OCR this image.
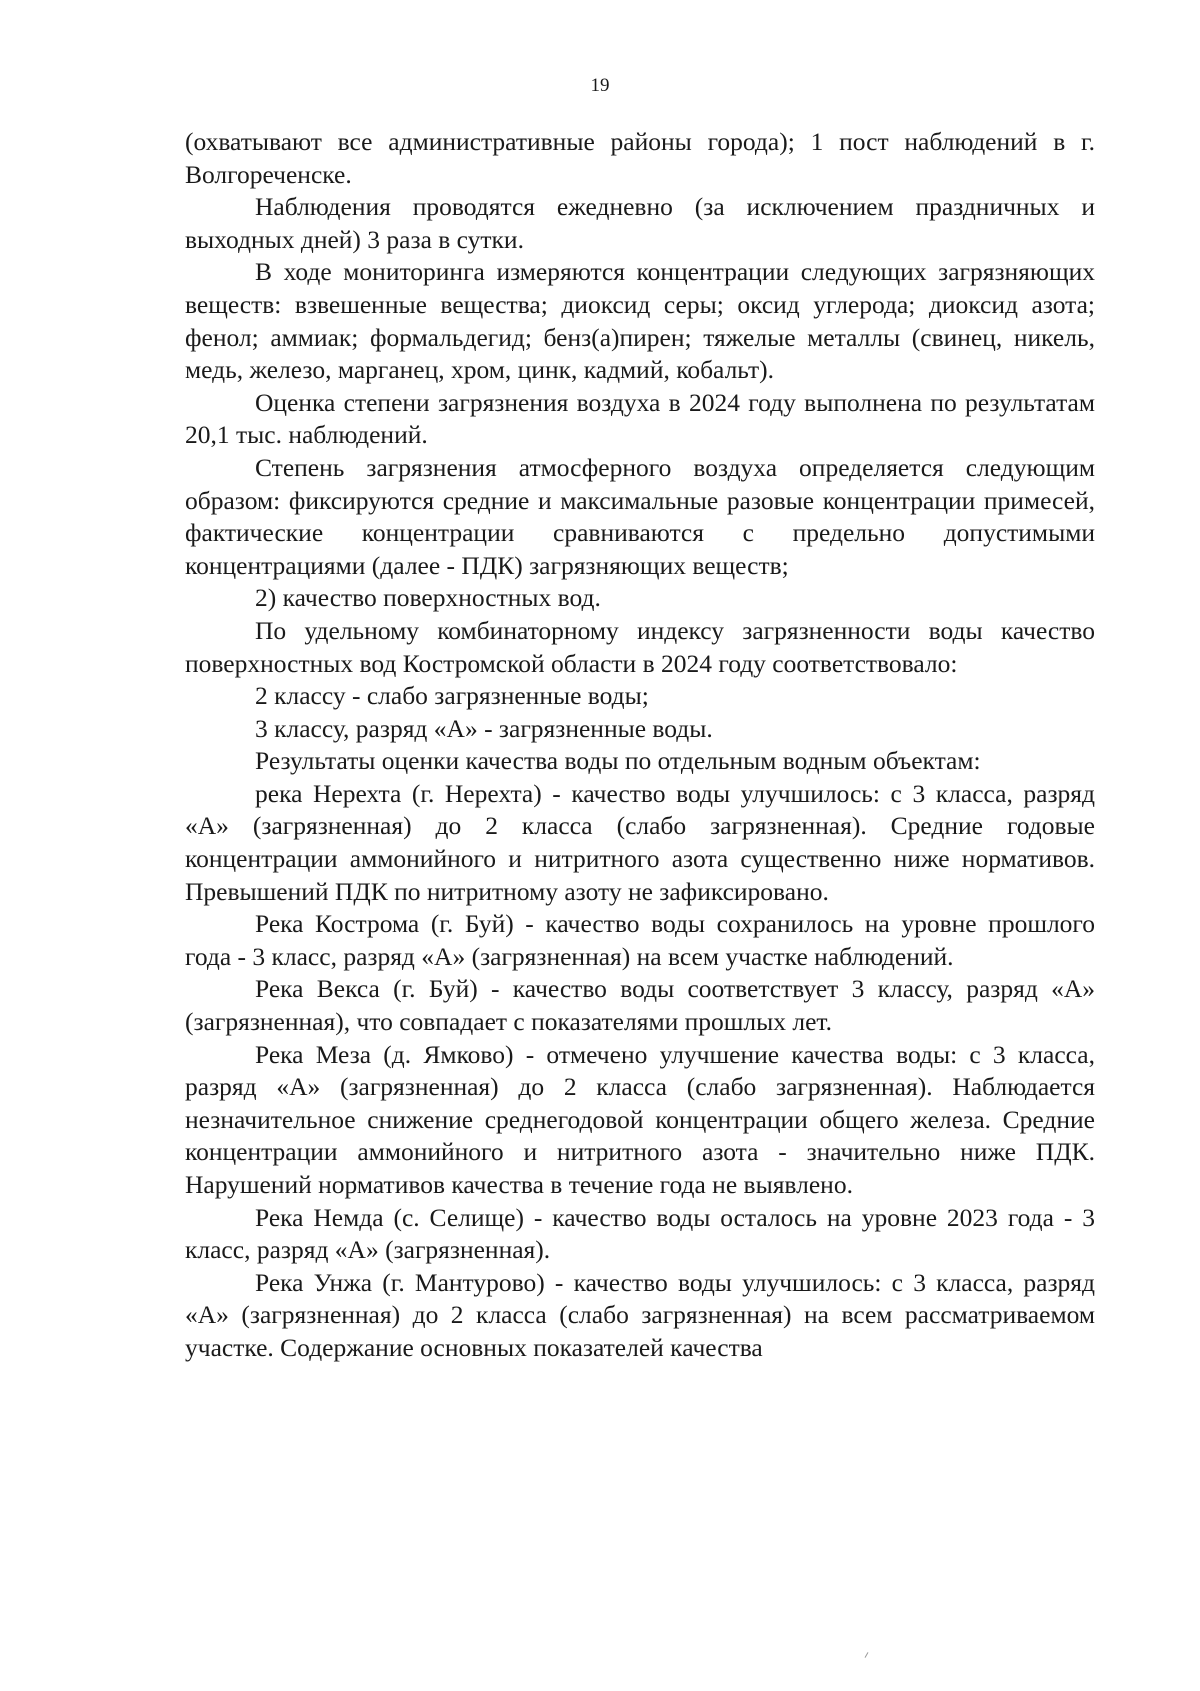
19

(охватывают все административные районы города); 1 пост наблюдений в г. Волгореченске.

Наблюдения проводятся ежедневно (за исключением праздничных и выходных дней) 3 раза в сутки.

В ходе мониторинга измеряются концентрации следующих загрязняющих веществ: взвешенные вещества; диоксид серы; оксид углерода; диоксид азота; фенол; аммиак; формальдегид; бенз(а)пирен; тяжелые металлы (свинец, никель, медь, железо, марганец, хром, цинк, кадмий, кобальт).

Оценка степени загрязнения воздуха в 2024 году выполнена по результатам 20,1 тыс. наблюдений.

Степень загрязнения атмосферного воздуха определяется следующим образом: фиксируются средние и максимальные разовые концентрации примесей, фактические концентрации сравниваются с предельно допустимыми концентрациями (далее - ПДК) загрязняющих веществ;

2) качество поверхностных вод.

По удельному комбинаторному индексу загрязненности воды качество поверхностных вод Костромской области в 2024 году соответствовало:

2 классу - слабо загрязненные воды;

3 классу, разряд «А» - загрязненные воды.

Результаты оценки качества воды по отдельным водным объектам:

река Нерехта (г. Нерехта) - качество воды улучшилось: с 3 класса, разряд «А» (загрязненная) до 2 класса (слабо загрязненная). Средние годовые концентрации аммонийного и нитритного азота существенно ниже нормативов. Превышений ПДК по нитритному азоту не зафиксировано.

Река Кострома (г. Буй) - качество воды сохранилось на уровне прошлого года - 3 класс, разряд «А» (загрязненная) на всем участке наблюдений.

Река Векса (г. Буй) - качество воды соответствует 3 классу, разряд «А» (загрязненная), что совпадает с показателями прошлых лет.

Река Меза (д. Ямково) - отмечено улучшение качества воды: с 3 класса, разряд «А» (загрязненная) до 2 класса (слабо загрязненная). Наблюдается незначительное снижение среднегодовой концентрации общего железа. Средние концентрации аммонийного и нитритного азота - значительно ниже ПДК. Нарушений нормативов качества в течение года не выявлено.

Река Немда (с. Селище) - качество воды осталось на уровне 2023 года - 3 класс, разряд «А» (загрязненная).

Река Унжа (г. Мантурово) - качество воды улучшилось: с 3 класса, разряд «А» (загрязненная) до 2 класса (слабо загрязненная) на всем рассматриваемом участке. Содержание основных показателей качества
